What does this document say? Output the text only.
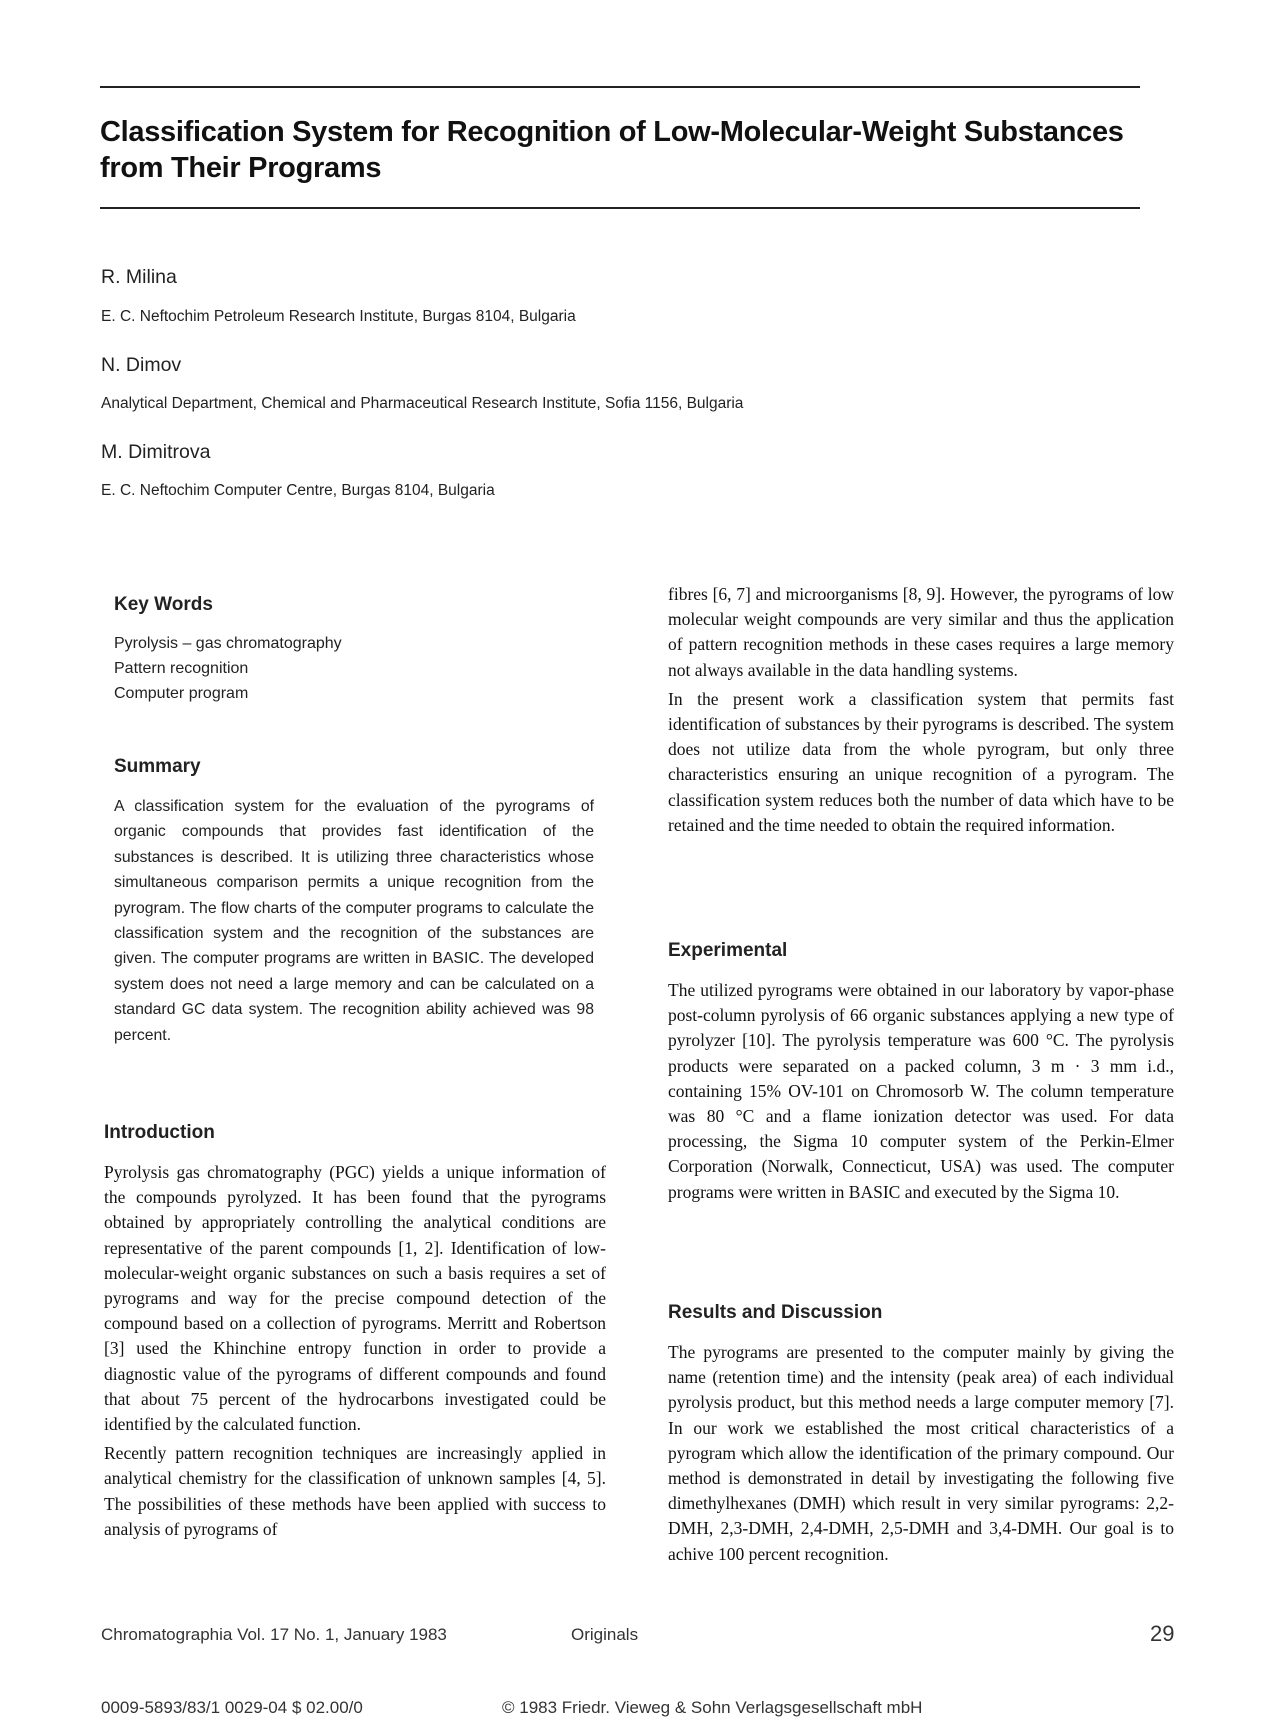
Classification System for Recognition of Low-Molecular-Weight Substances from Their Programs
R. Milina
E. C. Neftochim Petroleum Research Institute, Burgas 8104, Bulgaria
N. Dimov
Analytical Department, Chemical and Pharmaceutical Research Institute, Sofia 1156, Bulgaria
M. Dimitrova
E. C. Neftochim Computer Centre, Burgas 8104, Bulgaria
Key Words
Pyrolysis – gas chromatography
Pattern recognition
Computer program
Summary
A classification system for the evaluation of the pyrograms of organic compounds that provides fast identification of the substances is described. It is utilizing three characteristics whose simultaneous comparison permits a unique recognition from the pyrogram. The flow charts of the computer programs to calculate the classification system and the recognition of the substances are given. The computer programs are written in BASIC. The developed system does not need a large memory and can be calculated on a standard GC data system. The recognition ability achieved was 98 percent.
Introduction

Pyrolysis gas chromatography (PGC) yields a unique information of the compounds pyrolyzed. It has been found that the pyrograms obtained by appropriately controlling the analytical conditions are representative of the parent compounds [1, 2]. Identification of low-molecular-weight organic substances on such a basis requires a set of pyrograms and way for the precise compound detection of the compound based on a collection of pyrograms. Merritt and Robertson [3] used the Khinchine entropy function in order to provide a diagnostic value of the pyrograms of different compounds and found that about 75 percent of the hydrocarbons investigated could be identified by the calculated function.

Recently pattern recognition techniques are increasingly applied in analytical chemistry for the classification of unknown samples [4, 5]. The possibilities of these methods have been applied with success to analysis of pyrograms of

fibres [6, 7] and microorganisms [8, 9]. However, the pyrograms of low molecular weight compounds are very similar and thus the application of pattern recognition methods in these cases requires a large memory not always available in the data handling systems.

In the present work a classification system that permits fast identification of substances by their pyrograms is described. The system does not utilize data from the whole pyrogram, but only three characteristics ensuring an unique recognition of a pyrogram. The classification system reduces both the number of data which have to be retained and the time needed to obtain the required information.

Experimental
The utilized pyrograms were obtained in our laboratory by vapor-phase post-column pyrolysis of 66 organic substances applying a new type of pyrolyzer [10]. The pyrolysis temperature was 600 °C. The pyrolysis products were separated on a packed column, 3 m · 3 mm i.d., containing 15% OV-101 on Chromosorb W. The column temperature was 80 °C and a flame ionization detector was used. For data processing, the Sigma 10 computer system of the Perkin-Elmer Corporation (Norwalk, Connecticut, USA) was used. The computer programs were written in BASIC and executed by the Sigma 10.
Results and Discussion
The pyrograms are presented to the computer mainly by giving the name (retention time) and the intensity (peak area) of each individual pyrolysis product, but this method needs a large computer memory [7]. In our work we established the most critical characteristics of a pyrogram which allow the identification of the primary compound. Our method is demonstrated in detail by investigating the following five dimethylhexanes (DMH) which result in very similar pyrograms: 2,2-DMH, 2,3-DMH, 2,4-DMH, 2,5-DMH and 3,4-DMH. Our goal is to achive 100 percent recognition.
Chromatographia Vol. 17 No. 1, January 1983	Originals	29
0009-5893/83/1 0029-04 $ 02.00/0	© 1983 Friedr. Vieweg & Sohn Verlagsgesellschaft mbH
